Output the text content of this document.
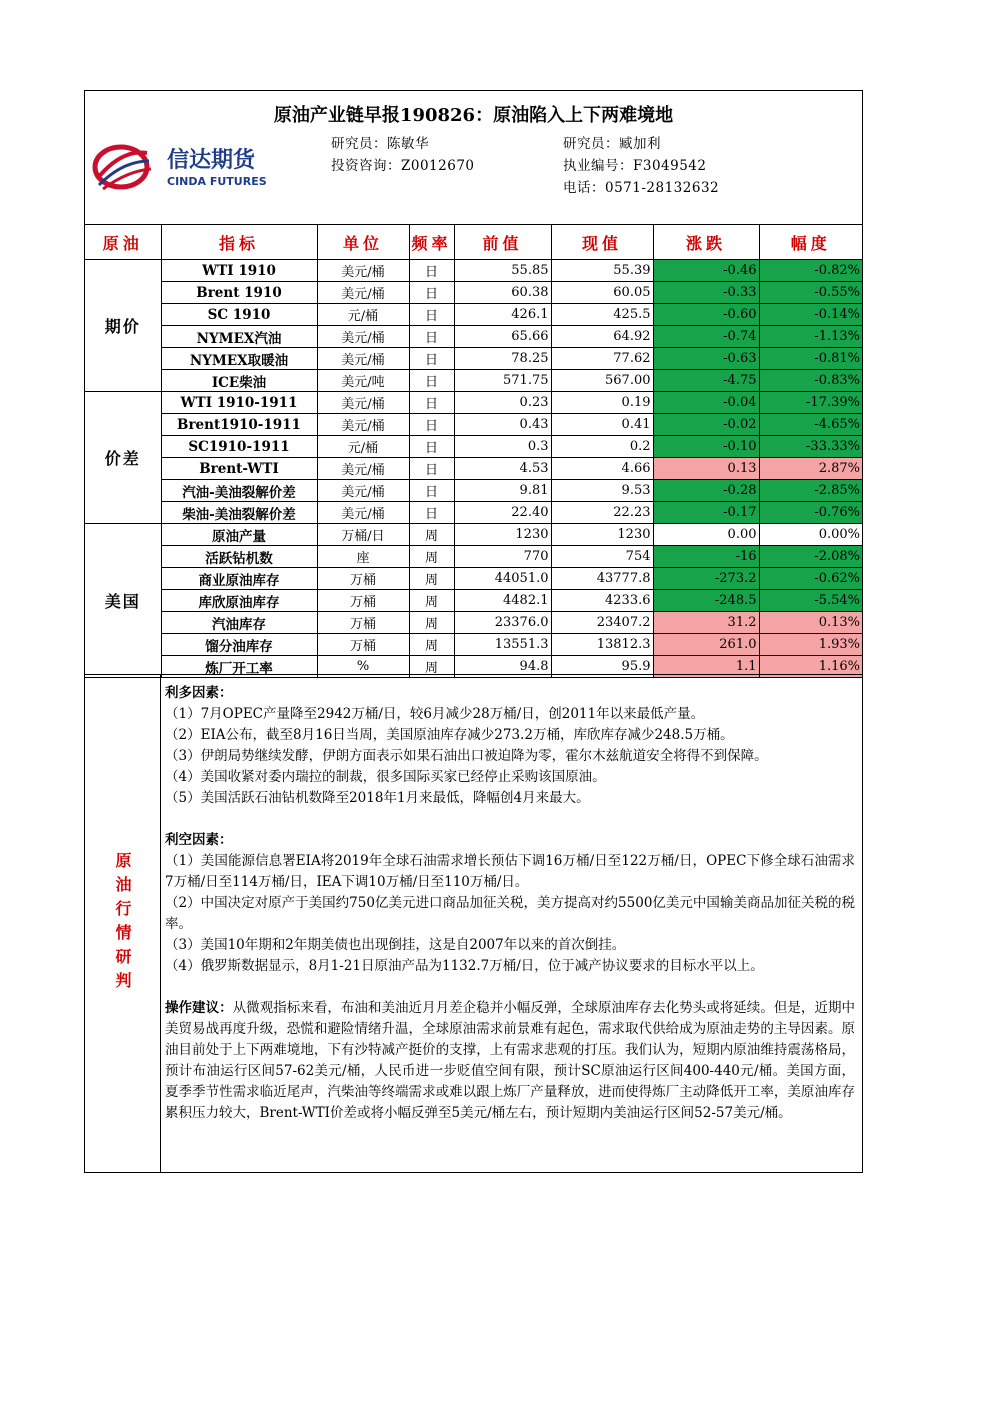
原油产业链早报190826：原油陷入上下两难境地
信达期货
CINDA FUTURES
研究员：陈敏华
投资咨询：Z0012670
研究员：臧加利
执业编号：F3049542
电话：0571-28132632
原油	指标	单位	频率	前值	现值	涨跌	幅度
期价	WTI 1910	美元/桶	日	55.85	55.39	-0.46	-0.82%
	Brent 1910	美元/桶	日	60.38	60.05	-0.33	-0.55%
	SC 1910	元/桶	日	426.1	425.5	-0.60	-0.14%
	NYMEX汽油	美元/桶	日	65.66	64.92	-0.74	-1.13%
	NYMEX取暖油	美元/桶	日	78.25	77.62	-0.63	-0.81%
	ICE柴油	美元/吨	日	571.75	567.00	-4.75	-0.83%
价差	WTI 1910-1911	美元/桶	日	0.23	0.19	-0.04	-17.39%
	Brent1910-1911	美元/桶	日	0.43	0.41	-0.02	-4.65%
	SC1910-1911	元/桶	日	0.3	0.2	-0.10	-33.33%
	Brent-WTI	美元/桶	日	4.53	4.66	0.13	2.87%
	汽油-美油裂解价差	美元/桶	日	9.81	9.53	-0.28	-2.85%
	柴油-美油裂解价差	美元/桶	日	22.40	22.23	-0.17	-0.76%
美国	原油产量	万桶/日	周	1230	1230	0.00	0.00%
	活跃钻机数	座	周	770	754	-16	-2.08%
	商业原油库存	万桶	周	44051.0	43777.8	-273.2	-0.62%
	库欣原油库存	万桶	周	4482.1	4233.6	-248.5	-5.54%
	汽油库存	万桶	周	23376.0	23407.2	31.2	0.13%
	馏分油库存	万桶	周	13551.3	13812.3	261.0	1.93%
	炼厂开工率	%	周	94.8	95.9	1.1	1.16%
原油行情研判
利多因素：

（1）7月OPEC产量降至2942万桶/日，较6月减少28万桶/日，创2011年以来最低产量。

（2）EIA公布，截至8月16日当周，美国原油库存减少273.2万桶，库欣库存减少248.5万桶。

（3）伊朗局势继续发酵，伊朗方面表示如果石油出口被迫降为零，霍尔木兹航道安全将得不到保障。

（4）美国收紧对委内瑞拉的制裁，很多国际买家已经停止采购该国原油。

（5）美国活跃石油钻机数降至2018年1月来最低，降幅创4月来最大。

利空因素：

（1）美国能源信息署EIA将2019年全球石油需求增长预估下调16万桶/日至122万桶/日，OPEC下修全球石油需求7万桶/日至114万桶/日，IEA下调10万桶/日至110万桶/日。

（2）中国决定对原产于美国约750亿美元进口商品加征关税，美方提高对约5500亿美元中国输美商品加征关税的税率。

（3）美国10年期和2年期美债也出现倒挂，这是自2007年以来的首次倒挂。

（4）俄罗斯数据显示，8月1-21日原油产品为1132.7万桶/日，位于减产协议要求的目标水平以上。

操作建议：从微观指标来看，布油和美油近月月差企稳并小幅反弹，全球原油库存去化势头或将延续。但是，近期中美贸易战再度升级，恐慌和避险情绪升温，全球原油需求前景难有起色，需求取代供给成为原油走势的主导因素。原油目前处于上下两难境地，下有沙特减产挺价的支撑，上有需求悲观的打压。我们认为，短期内原油维持震荡格局，预计布油运行区间57-62美元/桶，人民币进一步贬值空间有限，预计SC原油运行区间400-440元/桶。美国方面，夏季季节性需求临近尾声，汽柴油等终端需求或难以跟上炼厂产量释放，进而使得炼厂主动降低开工率，美原油库存累积压力较大，Brent-WTI价差或将小幅反弹至5美元/桶左右，预计短期内美油运行区间52-57美元/桶。
